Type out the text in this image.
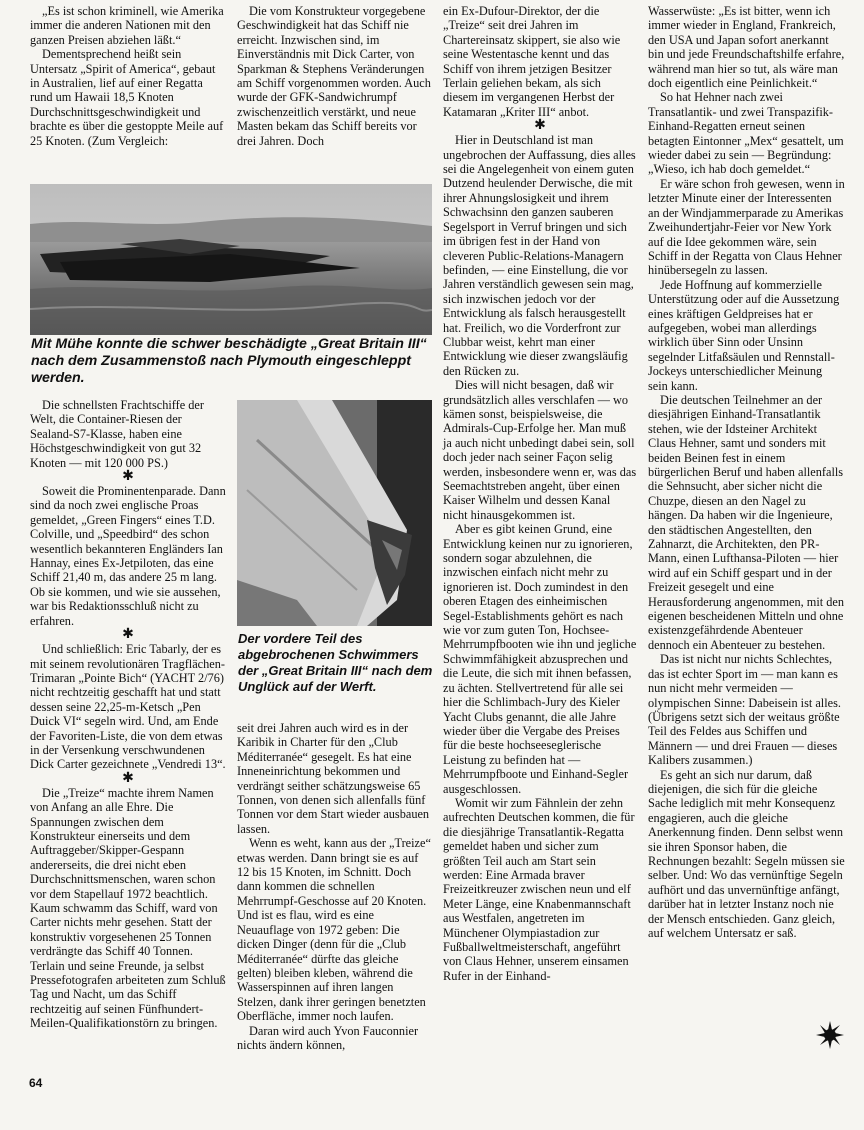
„Es ist schon kriminell, wie Amerika immer die anderen Nationen mit den ganzen Preisen abziehen läßt.“

Dementsprechend heißt sein Untersatz „Spirit of America“, gebaut in Australien, lief auf einer Regatta rund um Hawaii 18,5 Knoten Durchschnittsgeschwindigkeit und brachte es über die gestoppte Meile auf 25 Knoten. (Zum Vergleich:

Die vom Konstrukteur vorgegebene Geschwindigkeit hat das Schiff nie erreicht. Inzwischen sind, im Einverständnis mit Dick Carter, von Sparkman & Stephens Veränderungen am Schiff vorgenommen worden. Auch wurde der GFK-Sandwichrumpf zwischenzeitlich verstärkt, und neue Masten bekam das Schiff bereits vor drei Jahren. Doch

Mit Mühe konnte die schwer beschädigte „Great Britain III“ nach dem Zusammenstoß nach Plymouth eingeschleppt werden.

Die schnellsten Frachtschiffe der Welt, die Container-Riesen der Sealand-S7-Klasse, haben eine Höchstgeschwindigkeit von gut 32 Knoten — mit 120 000 PS.)

✱

Soweit die Prominentenparade. Dann sind da noch zwei englische Proas gemeldet, „Green Fingers“ eines T.D. Colville, und „Speedbird“ des schon wesentlich bekannteren Engländers Ian Hannay, eines Ex-Jetpiloten, das eine Schiff 21,40 m, das andere 25 m lang. Ob sie kommen, und wie sie aussehen, war bis Redaktionsschluß nicht zu erfahren.

✱

Und schließlich: Eric Tabarly, der es mit seinem revolutionären Tragflächen-Trimaran „Pointe Bich“ (YACHT 2/76) nicht rechtzeitig geschafft hat und statt dessen seine 22,25-m-Ketsch „Pen Duick VI“ segeln wird. Und, am Ende der Favoriten-Liste, die von dem etwas in der Versenkung verschwundenen Dick Carter gezeichnete „Vendredi 13“.

✱

Die „Treize“ machte ihrem Namen von Anfang an alle Ehre. Die Spannungen zwischen dem Konstrukteur einerseits und dem Auftraggeber/Skipper-Gespann andererseits, die drei nicht eben Durchschnittsmenschen, waren schon vor dem Stapellauf 1972 beachtlich. Kaum schwamm das Schiff, ward von Carter nichts mehr gesehen. Statt der konstruktiv vorgesehenen 25 Tonnen verdrängte das Schiff 40 Tonnen. Terlain und seine Freunde, ja selbst Pressefotografen arbeiteten zum Schluß Tag und Nacht, um das Schiff rechtzeitig auf seinen Fünfhundert-Meilen-Qualifikationstörn zu bringen.

Der vordere Teil des abgebrochenen Schwimmers der „Great Britain III“ nach dem Unglück auf der Werft.

seit drei Jahren auch wird es in der Karibik in Charter für den „Club Méditerranée“ gesegelt. Es hat eine Inneneinrichtung bekommen und verdrängt seither schätzungsweise 65 Tonnen, von denen sich allenfalls fünf Tonnen vor dem Start wieder ausbauen lassen.

Wenn es weht, kann aus der „Treize“ etwas werden. Dann bringt sie es auf 12 bis 15 Knoten, im Schnitt. Doch dann kommen die schnellen Mehrrumpf-Geschosse auf 20 Knoten. Und ist es flau, wird es eine Neuauflage von 1972 geben: Die dicken Dinger (denn für die „Club Méditerranée“ dürfte das gleiche gelten) bleiben kleben, während die Wasserspinnen auf ihren langen Stelzen, dank ihrer geringen benetzten Oberfläche, immer noch laufen.

Daran wird auch Yvon Fauconnier nichts ändern können,

ein Ex-Dufour-Direktor, der die „Treize“ seit drei Jahren im Chartereinsatz skippert, sie also wie seine Westentasche kennt und das Schiff von ihrem jetzigen Besitzer Terlain geliehen bekam, als sich diesem im vergangenen Herbst der Katamaran „Kriter III“ anbot.

✱

Hier in Deutschland ist man ungebrochen der Auffassung, dies alles sei die Angelegenheit von einem guten Dutzend heulender Derwische, die mit ihrer Ahnungslosigkeit und ihrem Schwachsinn den ganzen sauberen Segelsport in Verruf bringen und sich im übrigen fest in der Hand von cleveren Public-Relations-Managern befinden, — eine Einstellung, die vor Jahren verständlich gewesen sein mag, sich inzwischen jedoch vor der Entwicklung als falsch herausgestellt hat. Freilich, wo die Vorderfront zur Clubbar weist, kehrt man einer Entwicklung wie dieser zwangsläufig den Rücken zu.

Dies will nicht besagen, daß wir grundsätzlich alles verschlafen — wo kämen sonst, beispielsweise, die Admirals-Cup-Erfolge her. Man muß ja auch nicht unbedingt dabei sein, soll doch jeder nach seiner Façon selig werden, insbesondere wenn er, was das Seemachtstreben angeht, über einen Kaiser Wilhelm und dessen Kanal nicht hinausgekommen ist.

Aber es gibt keinen Grund, eine Entwicklung keinen nur zu ignorieren, sondern sogar abzulehnen, die inzwischen einfach nicht mehr zu ignorieren ist. Doch zumindest in den oberen Etagen des einheimischen Segel-Establishments gehört es nach wie vor zum guten Ton, Hochsee-Mehrrumpfbooten wie ihn und jegliche Schwimmfähigkeit abzusprechen und die Leute, die sich mit ihnen befassen, zu ächten. Stellvertretend für alle sei hier die Schlimbach-Jury des Kieler Yacht Clubs genannt, die alle Jahre wieder über die Vergabe des Preises für die beste hochseeseglerische Leistung zu befinden hat — Mehrrumpfboote und Einhand-Segler ausgeschlossen.

Womit wir zum Fähnlein der zehn aufrechten Deutschen kommen, die für die diesjährige Transatlantik-Regatta gemeldet haben und sicher zum größten Teil auch am Start sein werden: Eine Armada braver Freizeitkreuzer zwischen neun und elf Meter Länge, eine Knabenmannschaft aus Westfalen, angetreten im Münchener Olympiastadion zur Fußballweltmeisterschaft, angeführt von Claus Hehner, unserem einsamen Rufer in der Einhand-

Wasserwüste: „Es ist bitter, wenn ich immer wieder in England, Frankreich, den USA und Japan sofort anerkannt bin und jede Freundschaftshilfe erfahre, während man hier so tut, als wäre man doch eigentlich eine Peinlichkeit.“

So hat Hehner nach zwei Transatlantik- und zwei Transpazifik-Einhand-Regatten erneut seinen betagten Eintonner „Mex“ gesattelt, um wieder dabei zu sein — Begründung: „Wieso, ich hab doch gemeldet.“

Er wäre schon froh gewesen, wenn in letzter Minute einer der Interessenten an der Windjammerparade zu Amerikas Zweihundertjahr-Feier vor New York auf die Idee gekommen wäre, sein Schiff in der Regatta von Claus Hehner hinübersegeln zu lassen.

Jede Hoffnung auf kommerzielle Unterstützung oder auf die Aussetzung eines kräftigen Geldpreises hat er aufgegeben, wobei man allerdings wirklich über Sinn oder Unsinn segelnder Litfaßsäulen und Rennstall-Jockeys unterschiedlicher Meinung sein kann.

Die deutschen Teilnehmer an der diesjährigen Einhand-Transatlantik stehen, wie der Idsteiner Architekt Claus Hehner, samt und sonders mit beiden Beinen fest in einem bürgerlichen Beruf und haben allenfalls die Sehnsucht, aber sicher nicht die Chuzpe, diesen an den Nagel zu hängen. Da haben wir die Ingenieure, den städtischen Angestellten, den Zahnarzt, die Architekten, den PR-Mann, einen Lufthansa-Piloten — hier wird auf ein Schiff gespart und in der Freizeit gesegelt und eine Herausforderung angenommen, mit den eigenen bescheidenen Mitteln und ohne existenzgefährdende Abenteuer dennoch ein Abenteuer zu bestehen.

Das ist nicht nur nichts Schlechtes, das ist echter Sport im — man kann es nun nicht mehr vermeiden — olympischen Sinne: Dabeisein ist alles. (Übrigens setzt sich der weitaus größte Teil des Feldes aus Schiffen und Männern — und drei Frauen — dieses Kalibers zusammen.)

Es geht an sich nur darum, daß diejenigen, die sich für die gleiche Sache lediglich mit mehr Konsequenz engagieren, auch die gleiche Anerkennung finden. Denn selbst wenn sie ihren Sponsor haben, die Rechnungen bezahlt: Segeln müssen sie selber. Und: Wo das vernünftige Segeln aufhört und das unvernünftige anfängt, darüber hat in letzter Instanz noch nie der Mensch entschieden. Ganz gleich, auf welchem Untersatz er saß.

64
